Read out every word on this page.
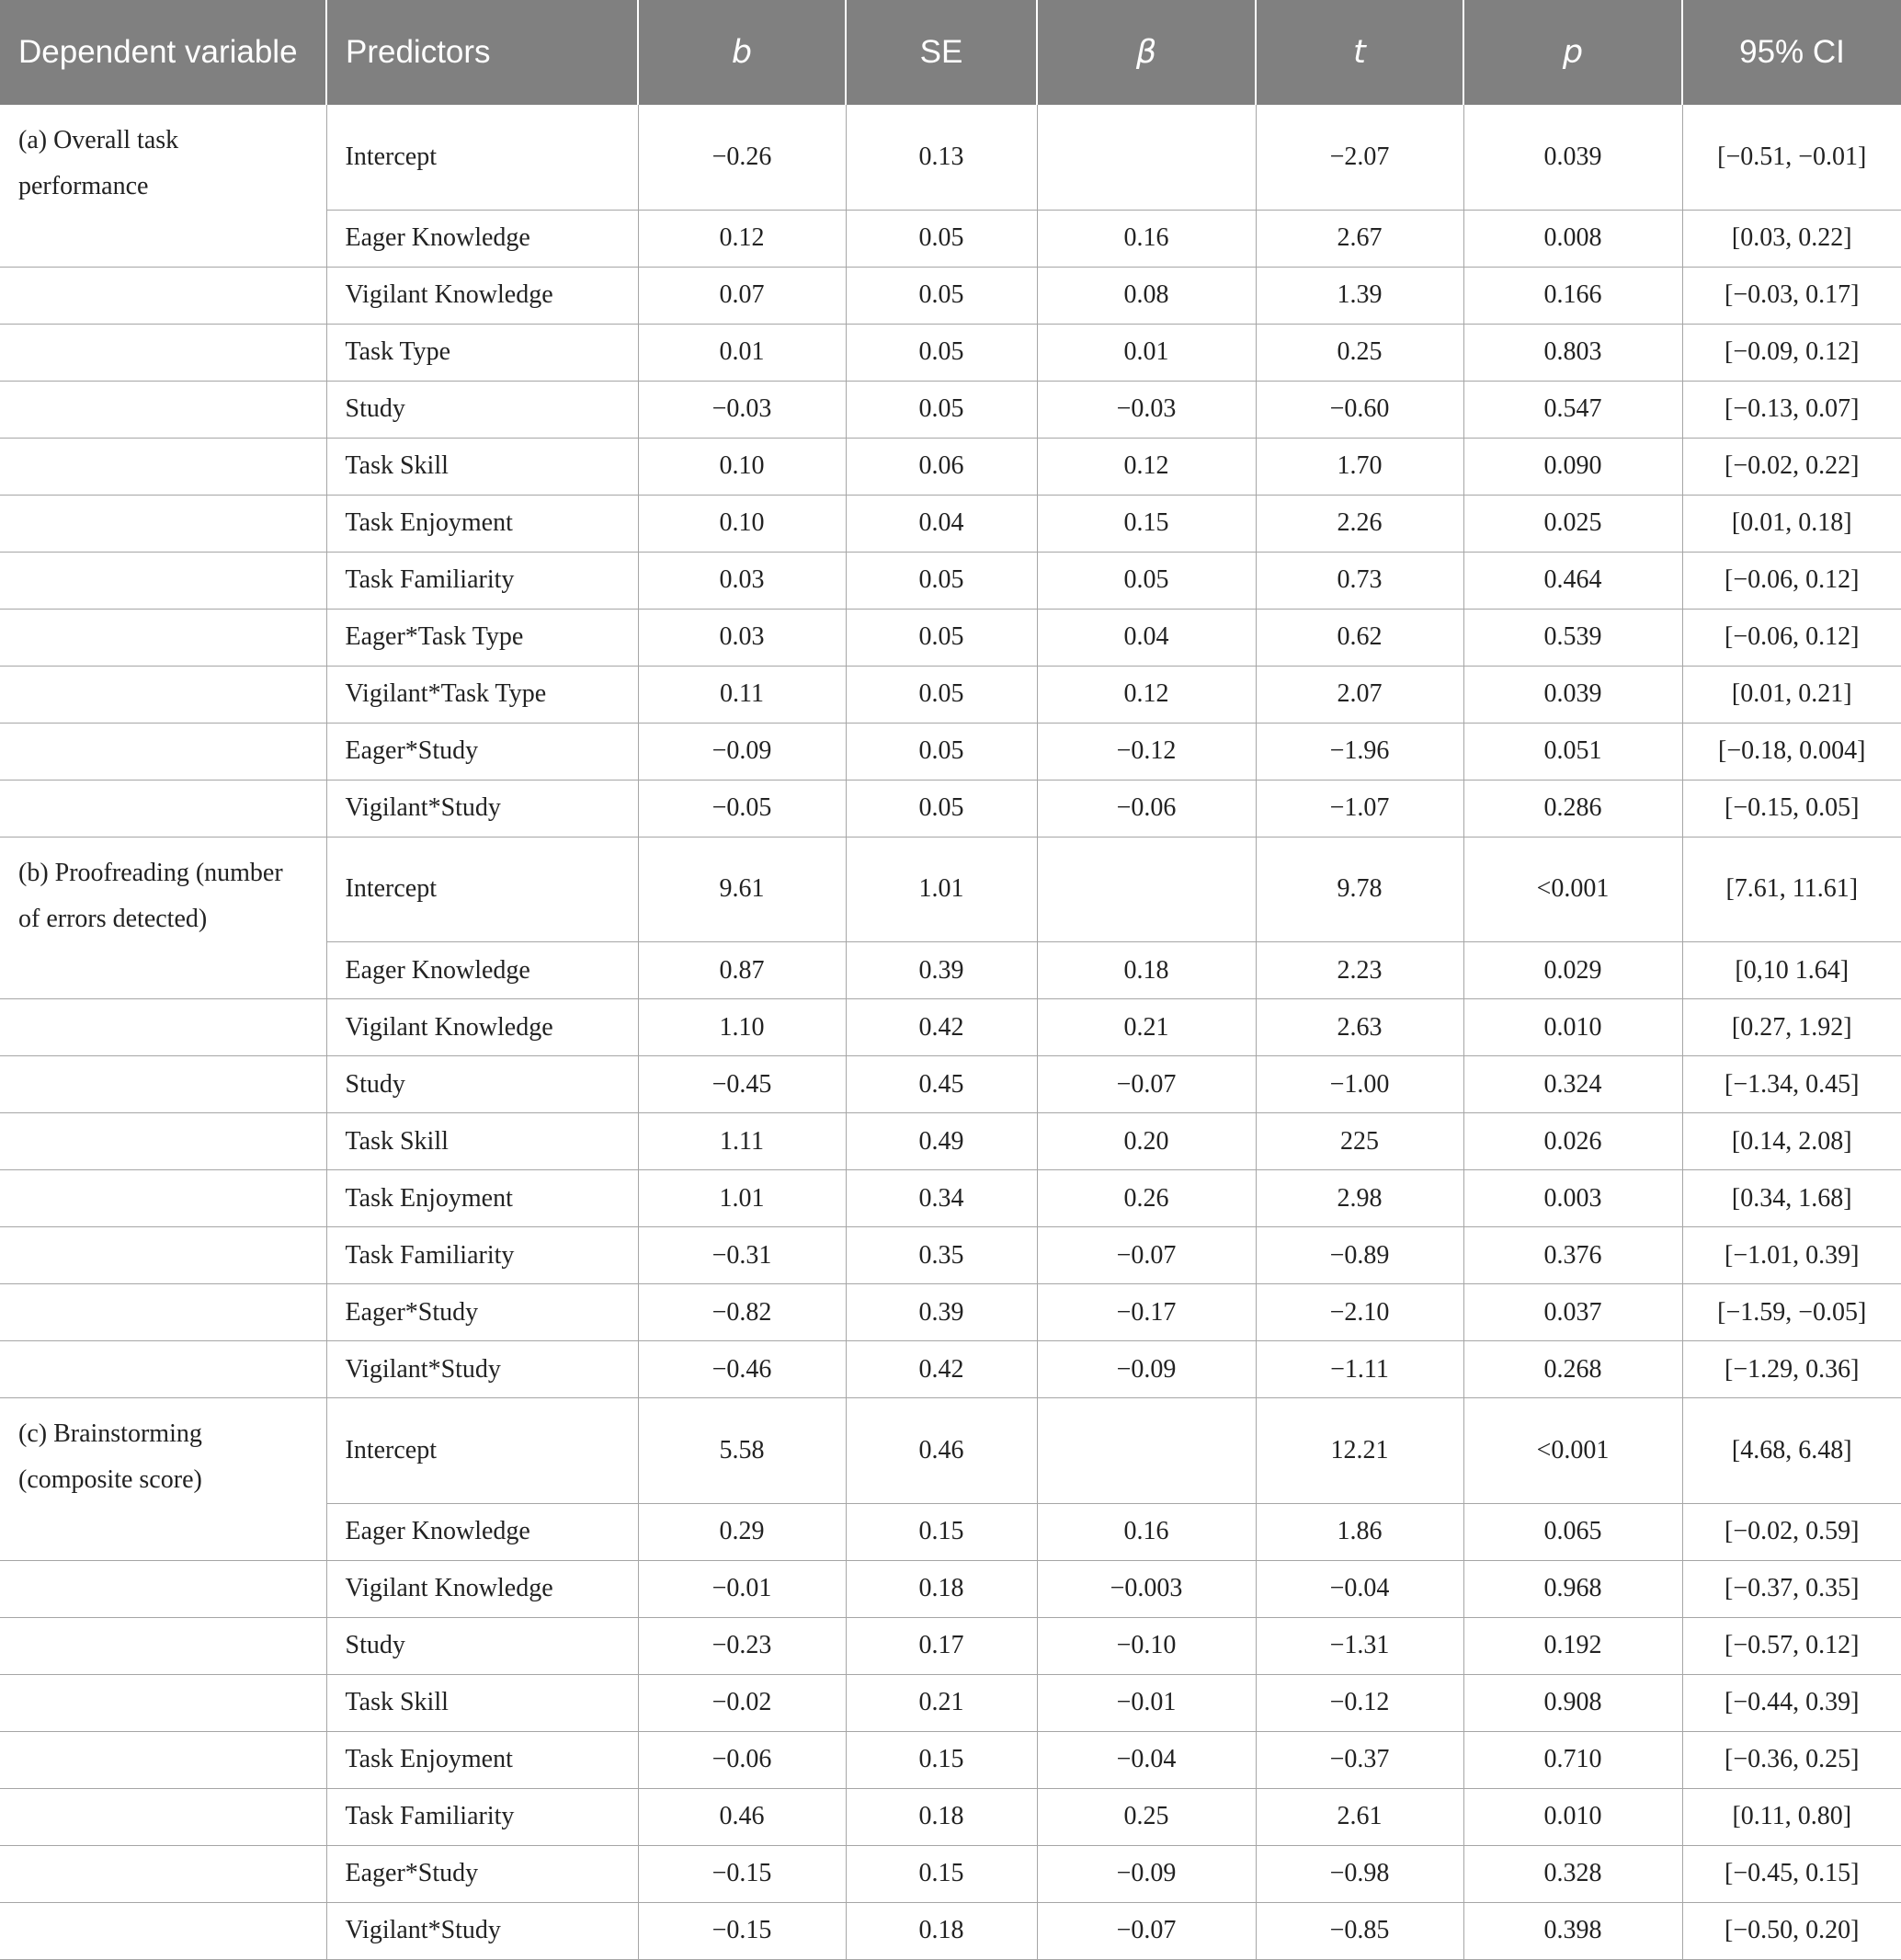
Dependent variable	Predictors	b	SE	β	t	p	95% CI
(a) Overall task performance	Intercept	−0.26	0.13		−2.07	0.039	[−0.51, −0.01]
	Eager Knowledge	0.12	0.05	0.16	2.67	0.008	[0.03, 0.22]
	Vigilant Knowledge	0.07	0.05	0.08	1.39	0.166	[−0.03, 0.17]
	Task Type	0.01	0.05	0.01	0.25	0.803	[−0.09, 0.12]
	Study	−0.03	0.05	−0.03	−0.60	0.547	[−0.13, 0.07]
	Task Skill	0.10	0.06	0.12	1.70	0.090	[−0.02, 0.22]
	Task Enjoyment	0.10	0.04	0.15	2.26	0.025	[0.01, 0.18]
	Task Familiarity	0.03	0.05	0.05	0.73	0.464	[−0.06, 0.12]
	Eager*Task Type	0.03	0.05	0.04	0.62	0.539	[−0.06, 0.12]
	Vigilant*Task Type	0.11	0.05	0.12	2.07	0.039	[0.01, 0.21]
	Eager*Study	−0.09	0.05	−0.12	−1.96	0.051	[−0.18, 0.004]
	Vigilant*Study	−0.05	0.05	−0.06	−1.07	0.286	[−0.15, 0.05]
(b) Proofreading (number of errors detected)	Intercept	9.61	1.01		9.78	<0.001	[7.61, 11.61]
	Eager Knowledge	0.87	0.39	0.18	2.23	0.029	[0,10 1.64]
	Vigilant Knowledge	1.10	0.42	0.21	2.63	0.010	[0.27, 1.92]
	Study	−0.45	0.45	−0.07	−1.00	0.324	[−1.34, 0.45]
	Task Skill	1.11	0.49	0.20	225	0.026	[0.14, 2.08]
	Task Enjoyment	1.01	0.34	0.26	2.98	0.003	[0.34, 1.68]
	Task Familiarity	−0.31	0.35	−0.07	−0.89	0.376	[−1.01, 0.39]
	Eager*Study	−0.82	0.39	−0.17	−2.10	0.037	[−1.59, −0.05]
	Vigilant*Study	−0.46	0.42	−0.09	−1.11	0.268	[−1.29, 0.36]
(c) Brainstorming (composite score)	Intercept	5.58	0.46		12.21	<0.001	[4.68, 6.48]
	Eager Knowledge	0.29	0.15	0.16	1.86	0.065	[−0.02, 0.59]
	Vigilant Knowledge	−0.01	0.18	−0.003	−0.04	0.968	[−0.37, 0.35]
	Study	−0.23	0.17	−0.10	−1.31	0.192	[−0.57, 0.12]
	Task Skill	−0.02	0.21	−0.01	−0.12	0.908	[−0.44, 0.39]
	Task Enjoyment	−0.06	0.15	−0.04	−0.37	0.710	[−0.36, 0.25]
	Task Familiarity	0.46	0.18	0.25	2.61	0.010	[0.11, 0.80]
	Eager*Study	−0.15	0.15	−0.09	−0.98	0.328	[−0.45, 0.15]
	Vigilant*Study	−0.15	0.18	−0.07	−0.85	0.398	[−0.50, 0.20]
